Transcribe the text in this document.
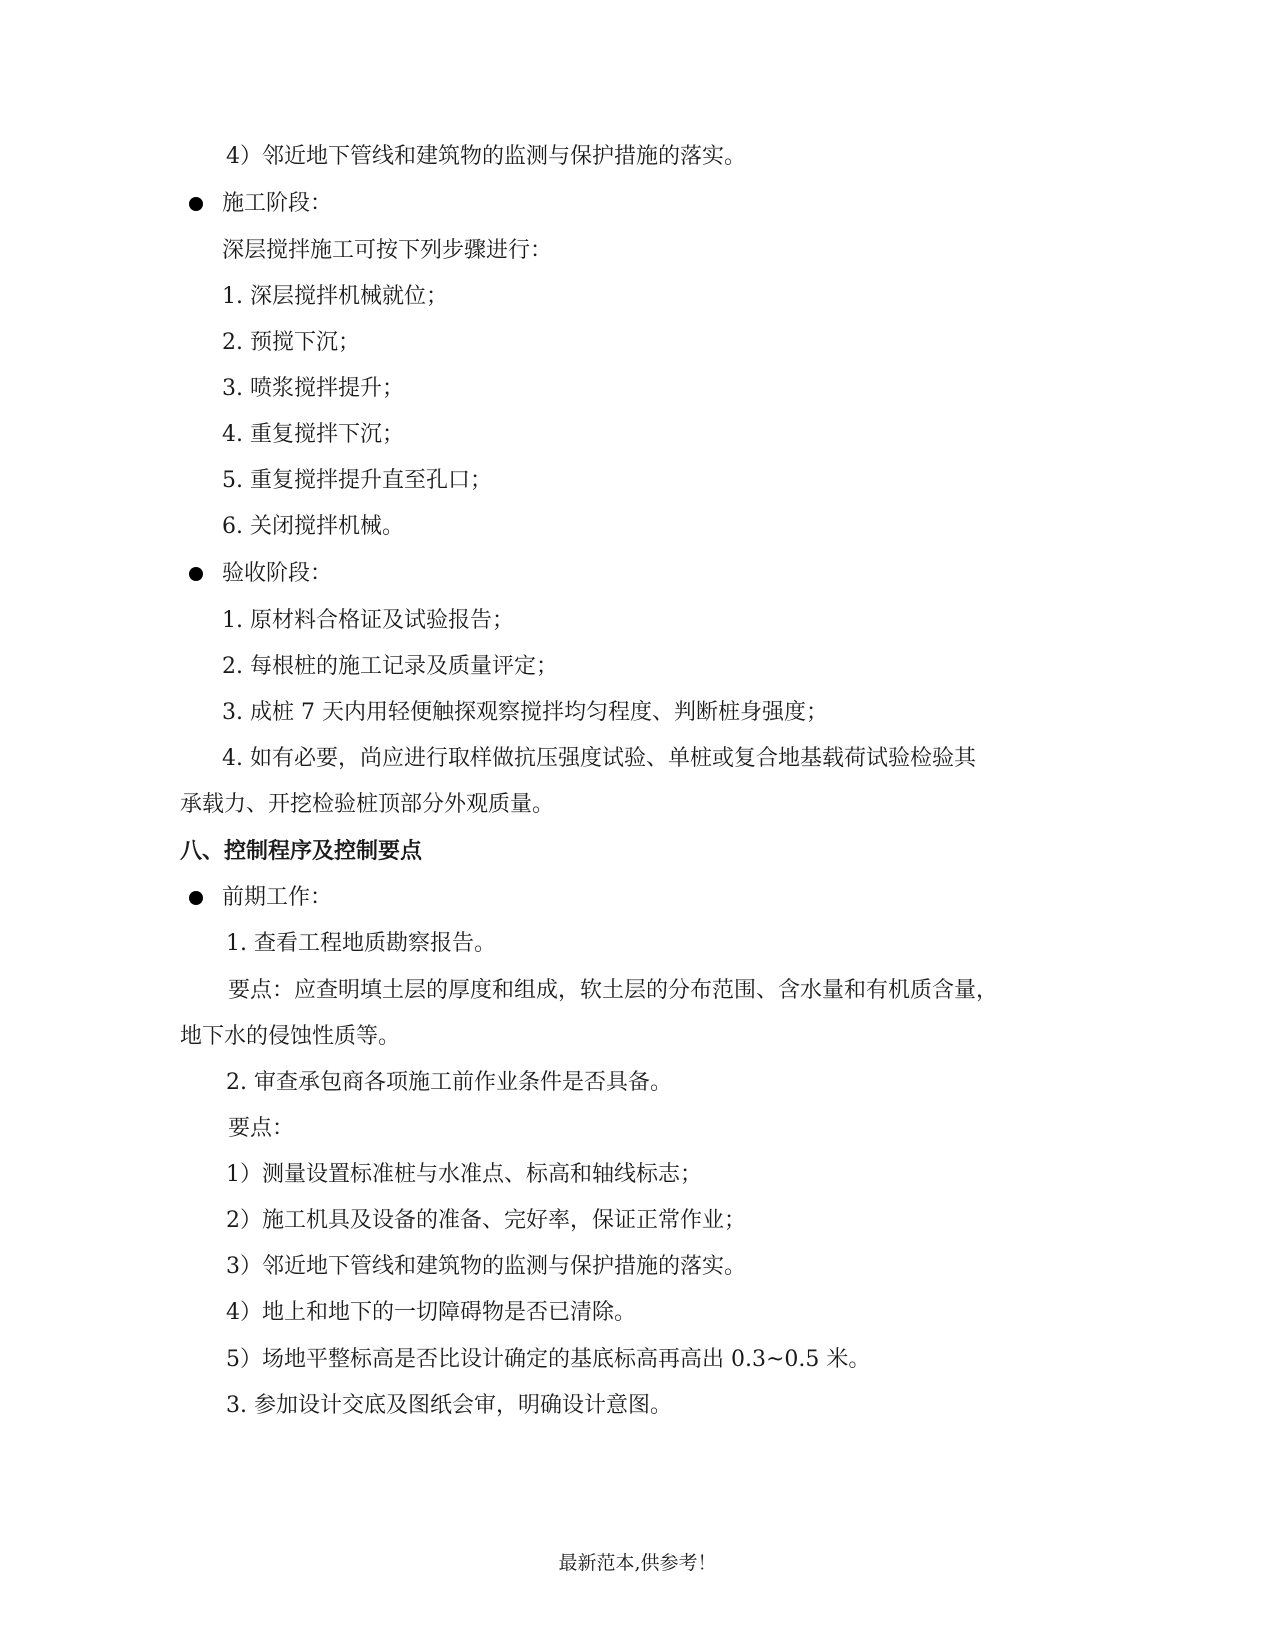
4）邻近地下管线和建筑物的监测与保护措施的落实。
施工阶段：
深层搅拌施工可按下列步骤进行：
1. 深层搅拌机械就位；
2. 预搅下沉；
3. 喷浆搅拌提升；
4. 重复搅拌下沉；
5. 重复搅拌提升直至孔口；
6. 关闭搅拌机械。
验收阶段：
1. 原材料合格证及试验报告；
2. 每根桩的施工记录及质量评定；
3. 成桩 7 天内用轻便触探观察搅拌均匀程度、判断桩身强度；
4. 如有必要，尚应进行取样做抗压强度试验、单桩或复合地基载荷试验检验其
承载力、开挖检验桩顶部分外观质量。
八、控制程序及控制要点
前期工作：
1. 查看工程地质勘察报告。
要点：应查明填土层的厚度和组成，软土层的分布范围、含水量和有机质含量，
地下水的侵蚀性质等。
2. 审查承包商各项施工前作业条件是否具备。
要点：
1）测量设置标准桩与水准点、标高和轴线标志；
2）施工机具及设备的准备、完好率，保证正常作业；
3）邻近地下管线和建筑物的监测与保护措施的落实。
4）地上和地下的一切障碍物是否已清除。
5）场地平整标高是否比设计确定的基底标高再高出 0.3~0.5 米。
3. 参加设计交底及图纸会审，明确设计意图。
最新范本,供参考！
